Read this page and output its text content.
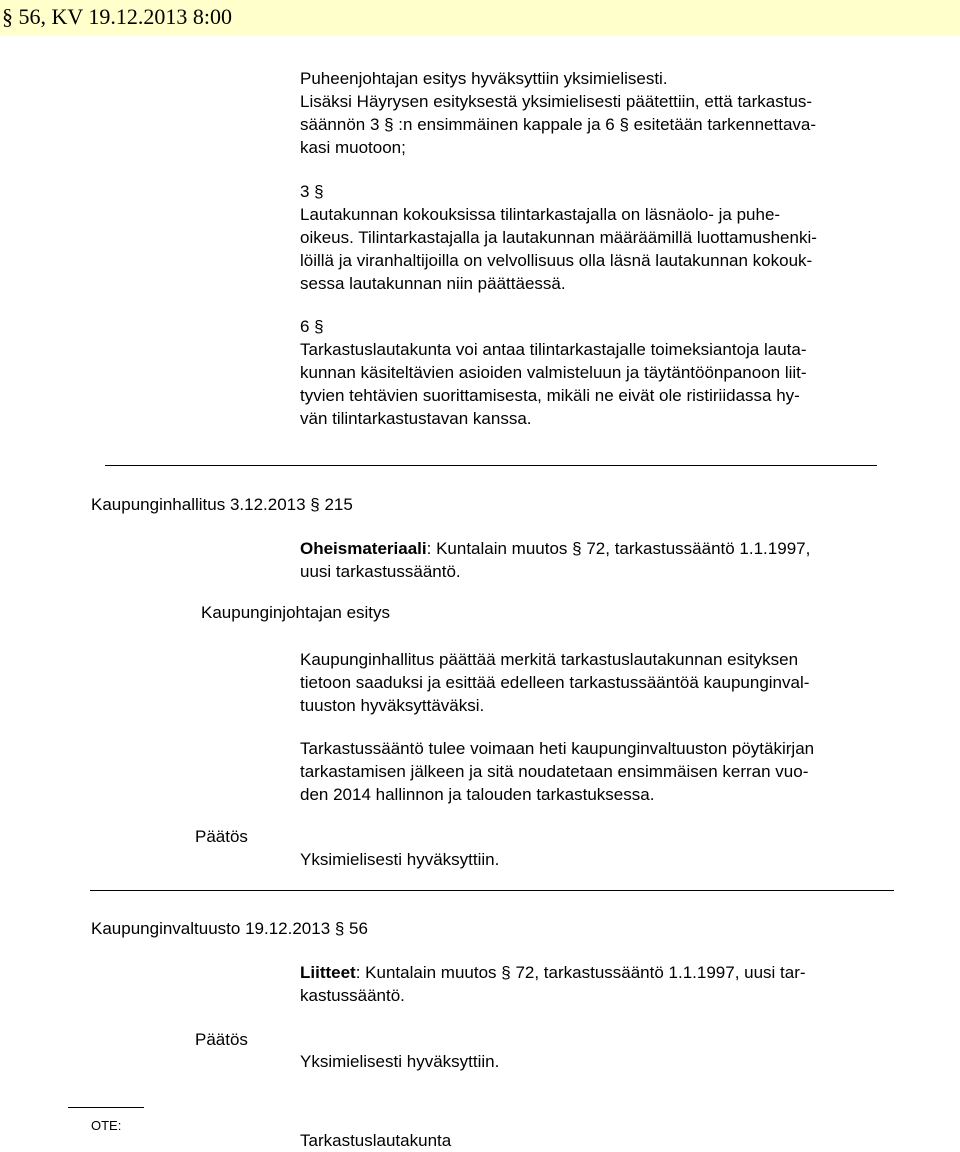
§ 56, KV 19.12.2013 8:00
Puheenjohtajan esitys hyväksyttiin yksimielisesti.
Lisäksi Häyrysen esityksestä yksimielisesti päätettiin, että tarkastus-
säännön 3 § :n ensimmäinen kappale ja 6 § esitetään tarkennettava-
kasi muotoon;
3 §
Lautakunnan kokouksissa tilintarkastajalla on läsnäolo- ja puhe-
oikeus. Tilintarkastajalla ja lautakunnan määräämillä luottamushenki-
löillä ja viranhaltijoilla on velvollisuus olla läsnä lautakunnan kokouk-
sessa lautakunnan niin päättäessä.
6 §
Tarkastuslautakunta voi antaa tilintarkastajalle toimeksiantoja lauta-
kunnan käsiteltävien asioiden valmisteluun ja täytäntöönpanoon liit-
tyvien tehtävien suorittamisesta, mikäli ne eivät ole ristiriidassa hy-
vän tilintarkastustavan kanssa.
Kaupunginhallitus 3.12.2013 § 215
Oheismateriaali: Kuntalain muutos § 72, tarkastussääntö 1.1.1997,
uusi tarkastussääntö.
Kaupunginjohtajan esitys
Kaupunginhallitus päättää merkitä tarkastuslautakunnan esityksen
tietoon saaduksi ja esittää edelleen tarkastussääntöä kaupunginval-
tuuston hyväksyttäväksi.
Tarkastussääntö tulee voimaan heti kaupunginvaltuuston pöytäkirjan
tarkastamisen jälkeen ja sitä noudatetaan ensimmäisen kerran vuo-
den 2014 hallinnon ja talouden tarkastuksessa.
Päätös
Yksimielisesti hyväksyttiin.
Kaupunginvaltuusto 19.12.2013 § 56
Liitteet: Kuntalain muutos § 72, tarkastussääntö 1.1.1997, uusi tar-
kastussääntö.
Päätös
Yksimielisesti hyväksyttiin.
OTE:
Tarkastuslautakunta
